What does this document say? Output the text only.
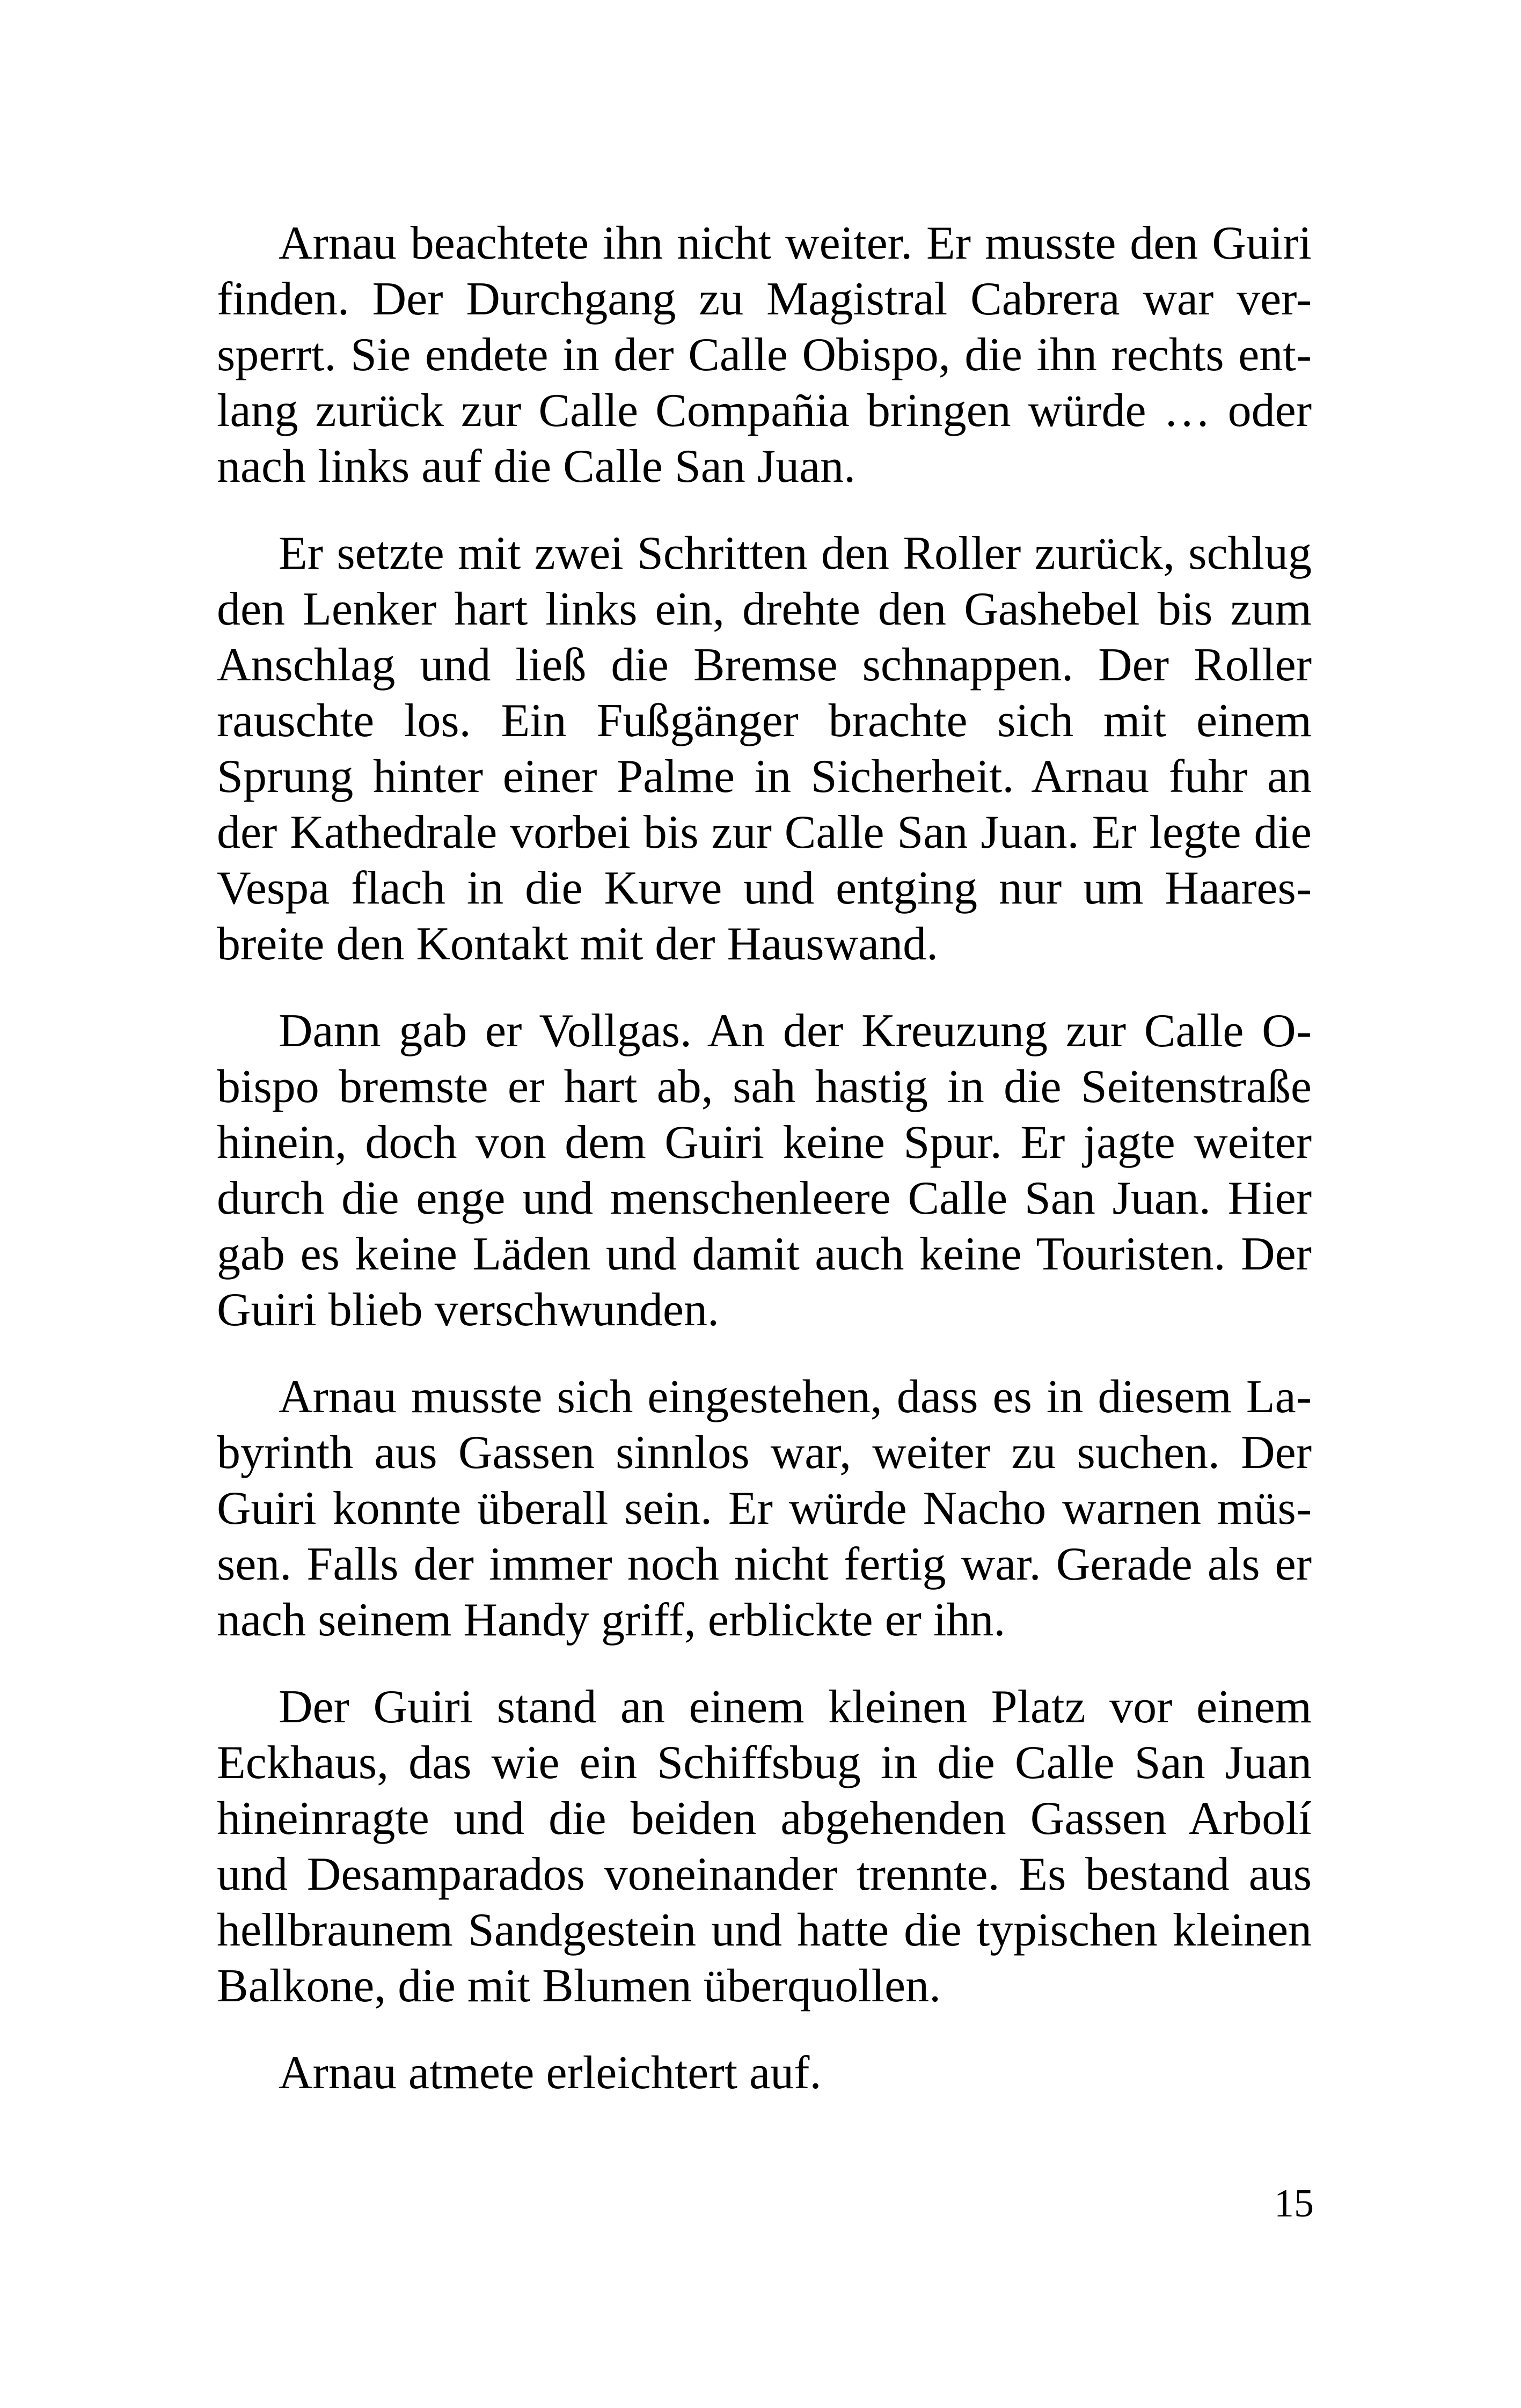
Arnau beachtete ihn nicht weiter. Er musste den Guiri
finden. Der Durchgang zu Magistral Cabrera war ver-
sperrt. Sie endete in der Calle Obispo, die ihn rechts ent-
lang zurück zur Calle Compañia bringen würde … oder
nach links auf die Calle San Juan.
Er setzte mit zwei Schritten den Roller zurück, schlug
den Lenker hart links ein, drehte den Gashebel bis zum
Anschlag und ließ die Bremse schnappen. Der Roller
rauschte los. Ein Fußgänger brachte sich mit einem
Sprung hinter einer Palme in Sicherheit. Arnau fuhr an
der Kathedrale vorbei bis zur Calle San Juan. Er legte die
Vespa flach in die Kurve und entging nur um Haares-
breite den Kontakt mit der Hauswand.
Dann gab er Vollgas. An der Kreuzung zur Calle O-
bispo bremste er hart ab, sah hastig in die Seitenstraße
hinein, doch von dem Guiri keine Spur. Er jagte weiter
durch die enge und menschenleere Calle San Juan. Hier
gab es keine Läden und damit auch keine Touristen. Der
Guiri blieb verschwunden.
Arnau musste sich eingestehen, dass es in diesem La-
byrinth aus Gassen sinnlos war, weiter zu suchen. Der
Guiri konnte überall sein. Er würde Nacho warnen müs-
sen. Falls der immer noch nicht fertig war. Gerade als er
nach seinem Handy griff, erblickte er ihn.
Der Guiri stand an einem kleinen Platz vor einem
Eckhaus, das wie ein Schiffsbug in die Calle San Juan
hineinragte und die beiden abgehenden Gassen Arbolí
und Desamparados voneinander trennte. Es bestand aus
hellbraunem Sandgestein und hatte die typischen kleinen
Balkone, die mit Blumen überquollen.
Arnau atmete erleichtert auf.
15
